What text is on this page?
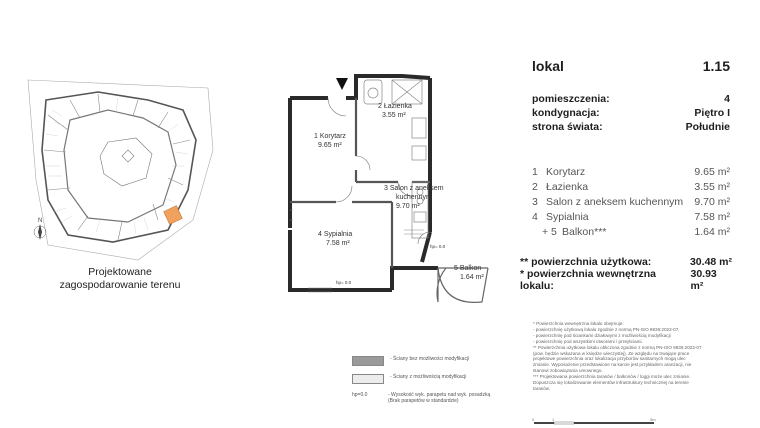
N
Projektowane
zagospodarowanie terenu
1 Korytarz
9.65 m²
2 Łazienka
3.55 m²
3 Salon z aneksem
kuchennym
9.70 m²
4 Sypialnia
7.58 m²
5 Balkon
1.64 m²
hp= 0.0
hp= 0.0
lokal	1.15
pomieszczenia:	4
kondygnacja:	Piętro I
strona świata:	Południe
1 Korytarz	9.65 m²
2 Łazienka	3.55 m²
3 Salon z aneksem kuchennym	9.70 m²
4 Sypialnia	7.58 m²
+ 5 Balkon***	1.64 m²
** powierzchnia użytkowa:	30.48 m²
* powierzchnia wewnętrzna lokalu:
30.93 m²

* Powierzchnia wewnętrzna lokalu obejmuje:

- powierzchnię użytkową lokalu zgodnie z normą PN-ISO 9836:2022-07,

- powierzchnię pod ściankami działowymi z możliwością modyfikacji

- powierzchnię pod wszystkimi otworami / przejściami.

** Powierzchnia użytkowa lokalu obliczona zgodnie z normą PN-ISO 9836:2022-07

(pow. będzie wskazana w księdze wieczystej). Ze względu na trwające prace

projektowe powierzchnia oraz lokalizacja przyborów sanitarnych mogą ulec

zmianie. Wyposażenie przedstawione na karcie jest przykładem aranżacji, nie

stanowi zobowiązania umownego.

*** Projektowana powierzchnia tarasów / balkonów / loggi może ulec zmianie.

Dopuszcza się lokalizowanie elementów infrastruktury technicznej na terenie

tarasów.

- Ściany bez możliwości modyfikacji
- Ściany z możliwością modyfikacji
hp=0.0	- Wysokość wyk. parapetu nad wyk. posadzką
(Brak parapetów w standardzie)
0	1	5m
